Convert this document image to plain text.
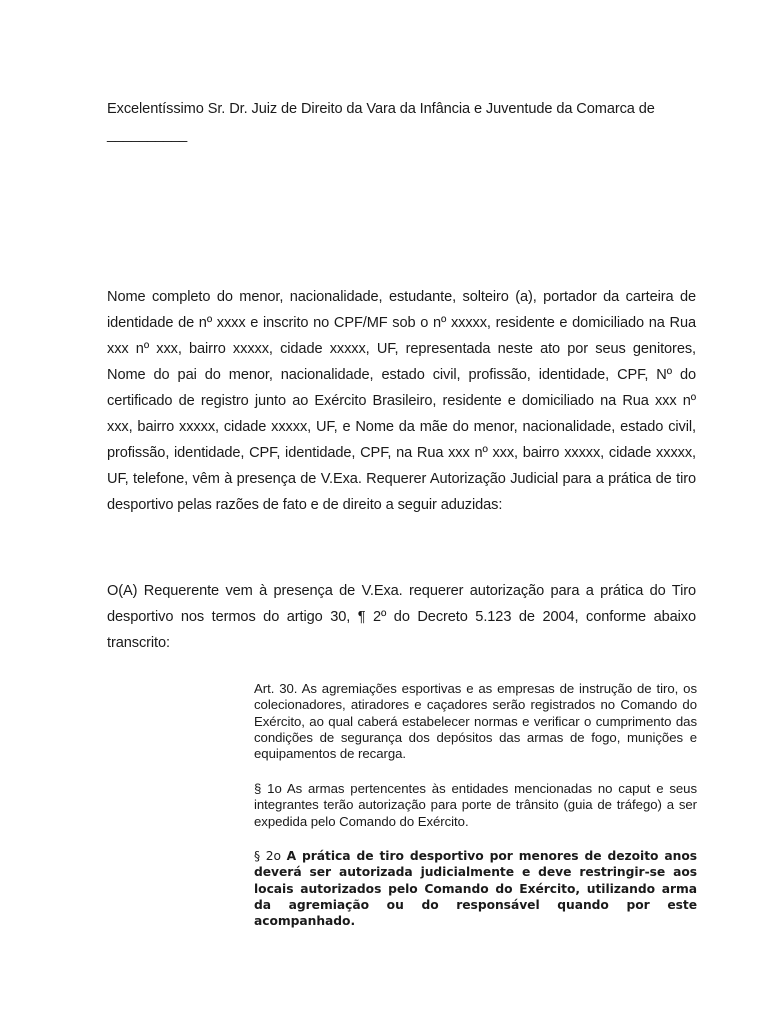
Excelentíssimo Sr. Dr. Juiz de Direito da Vara da Infância e Juventude da Comarca de
__________

Nome completo do menor, nacionalidade, estudante, solteiro (a), portador da carteira de identidade de nº xxxx e inscrito no CPF/MF sob o nº xxxxx, residente e domiciliado na Rua xxx nº xxx, bairro xxxxx, cidade xxxxx, UF, representada neste ato por seus genitores, Nome do pai do menor, nacionalidade, estado civil, profissão, identidade, CPF, Nº do certificado de registro junto ao Exército Brasileiro, residente e domiciliado na Rua xxx nº xxx, bairro xxxxx, cidade xxxxx, UF, e Nome da mãe do menor, nacionalidade, estado civil, profissão, identidade, CPF, identidade, CPF, na Rua xxx nº xxx, bairro xxxxx, cidade xxxxx, UF, telefone, vêm à presença de V.Exa. Requerer Autorização Judicial para a prática de tiro desportivo pelas razões de fato e de direito a seguir aduzidas:

O(A) Requerente vem à presença de V.Exa. requerer autorização para a prática do Tiro desportivo nos termos do artigo 30, ¶ 2º do Decreto 5.123 de 2004, conforme abaixo transcrito:

Art. 30. As agremiações esportivas e as empresas de instrução de tiro, os colecionadores, atiradores e caçadores serão registrados no Comando do Exército, ao qual caberá estabelecer normas e verificar o cumprimento das condições de segurança dos depósitos das armas de fogo, munições e equipamentos de recarga.

§ 1o As armas pertencentes às entidades mencionadas no caput e seus integrantes terão autorização para porte de trânsito (guia de tráfego) a ser expedida pelo Comando do Exército.

§ 2o A prática de tiro desportivo por menores de dezoito anos deverá ser autorizada judicialmente e deve restringir-se aos locais autorizados pelo Comando do Exército, utilizando arma da agremiação ou do responsável quando por este acompanhado.
